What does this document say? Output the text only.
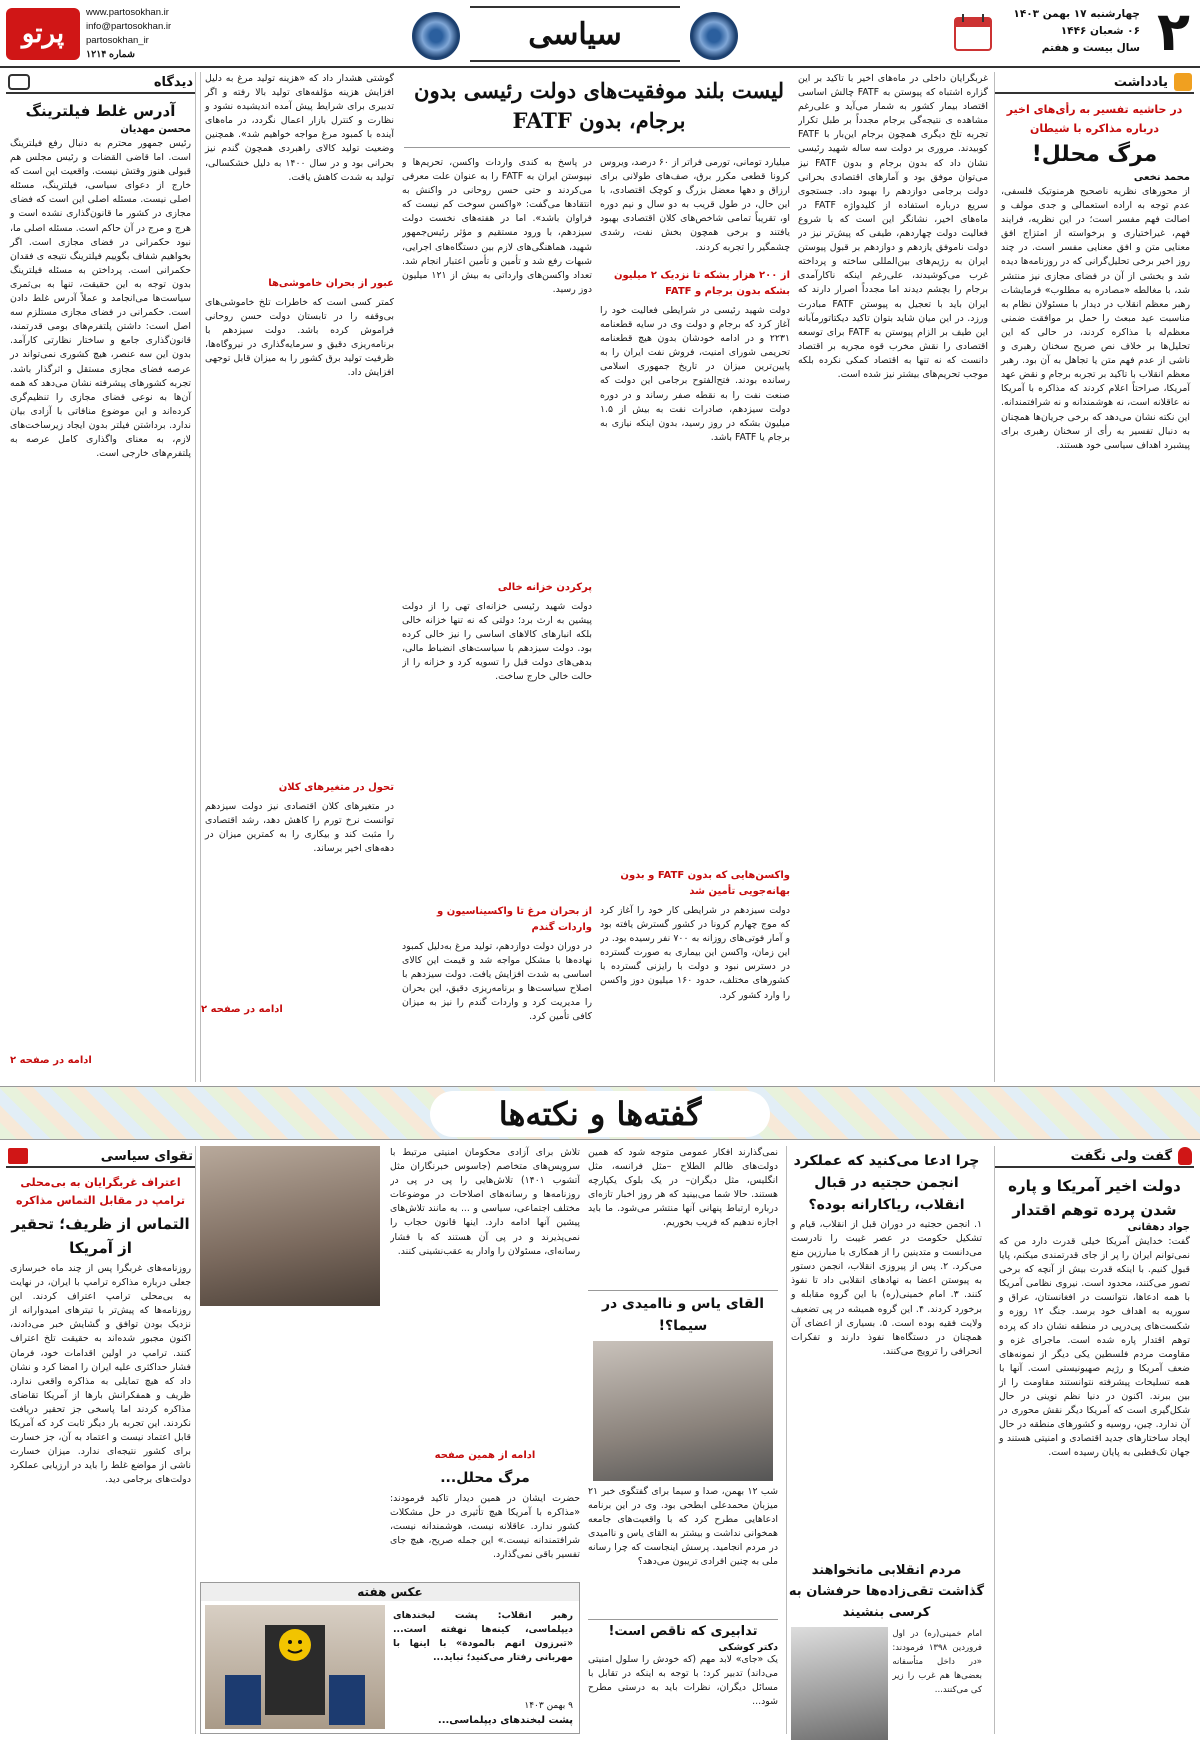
۲
چهارشنبه ۱۷ بهمن ۱۴۰۳
۰۶ شعبان ۱۴۴۶
سال بیست و هفتم
سیاسی
www.partosokhan.ir
info@partosokhan.ir
partosokhan_ir
شماره ۱۲۱۴
پرتو
یادداشت
در حاشیه تفسیر به رأی‌های اخیر درباره مذاکره با شیطان
مرگ محلل!
محمد نخعی
از محورهای نظریه ناصحیح هرمنوتیک فلسفی، عدم توجه به اراده استعمالی و جدی مولف و اصالت فهم مفسر است؛ در این نظریه، فرایند فهم، غیراختیاری و برخواسته از امتزاج افق معنایی متن و افق معنایی مفسر است. در چند روز اخیر برخی تحلیل‌گرانی که در روزنامه‌ها دیده شد و بخشی از آن در فضای مجازی نیز منتشر شد، با مغالطه «مصادره به مطلوب» فرمایشات رهبر معظم انقلاب در دیدار با مسئولان نظام به مناسبت عید مبعث را حمل بر موافقت ضمنی معظم‌له با مذاکره کردند، در حالی که این تحلیل‌ها بر خلاف نص صریح سخنان رهبری و ناشی از عدم فهم متن یا تجاهل به آن بود. رهبر معظم انقلاب با تاکید بر تجربه برجام و نقض عهد آمریکا، صراحتاً اعلام کردند که مذاکره با آمریکا نه عاقلانه است، نه هوشمندانه و نه شرافتمندانه. این نکته نشان می‌دهد که برخی جریان‌ها همچنان به دنبال تفسیر به رأی از سخنان رهبری برای پیشبرد اهداف سیاسی خود هستند.
غربگرایان داخلی در ماه‌های اخیر با تاکید بر این گزاره اشتباه که پیوستن به FATF چالش اساسی اقتصاد بیمار کشور به شمار می‌آید و علی‌رغم مشاهده ی نتیجه‌گی برجام مجدداً بر طبل تکرار تجربه تلخ دیگری همچون برجام این‌بار با FATF کوبیدند. مروری بر دولت سه ساله شهید رئیسی نشان داد که بدون برجام و بدون FATF نیز می‌توان موفق بود و آمارهای اقتصادی بحرانی دولت برجامی دوازدهم را بهبود داد. جستجوی سریع درباره استفاده از کلیدواژه FATF در ماه‌های اخیر، نشانگر این است که با شروع فعالیت دولت چهاردهم، طیفی که پیش‌تر نیز در دولت ناموفق یازدهم و دوازدهم بر قبول پیوستن ایران به رژیم‌های بین‌المللی ساخته و پرداخته غرب می‌کوشیدند، علی‌رغم اینکه ناکارآمدی برجام را بچشم دیدند اما مجدداً اصرار دارند که ایران باید با تعجیل به پیوستن FATF مبادرت ورزد. در این میان شاید بتوان تاکید دیکتاتورمآبانه این طیف بر الزام پیوستن به FATF برای توسعه اقتصادی را نقش مخرب قوه مجریه بر اقتصاد دانست که نه تنها به اقتصاد کمکی نکرده بلکه موجب تحریم‌های بیشتر نیز شده است.
لیست بلند موفقیت‌های دولت رئیسی بدون برجام، بدون FATF
میلیارد تومانی، تورمی فراتر از ۶۰ درصد، ویروس کرونا قطعی مکرر برق، صف‌های طولانی برای ارزاق و دهها معضل بزرگ و کوچک اقتصادی، با این حال، در طول قریب به دو سال و نیم دوره او، تقریباً تمامی شاخص‌های کلان اقتصادی بهبود یافتند و برخی همچون بخش نفت، رشدی چشمگیر را تجربه کردند.
از ۲۰۰ هزار بشکه تا نزدیک ۲ میلیون بشکه بدون برجام و FATF
دولت شهید رئیسی در شرایطی فعالیت خود را آغاز کرد که برجام و دولت وی در سایه قطعنامه ۲۲۳۱ و در ادامه خودشان بدون هیچ قطعنامه تحریمی شورای امنیت، فروش نفت ایران را به پایین‌ترین میزان در تاریخ جمهوری اسلامی رسانده بودند. فتح‌الفتوح برجامی این دولت که صنعت نفت را به نقطه صفر رساند و در دوره دولت سیزدهم، صادرات نفت به بیش از ۱.۵ میلیون بشکه در روز رسید، بدون اینکه نیازی به برجام یا FATF باشد.
واکسن‌هایی که بدون FATF و بدون بهانه‌جویی تأمین شد
دولت سیزدهم در شرایطی کار خود را آغاز کرد که موج چهارم کرونا در کشور گسترش یافته بود و آمار فوتی‌های روزانه به ۷۰۰ نفر رسیده بود. در این زمان، واکسن این بیماری به صورت گسترده در دسترس نبود و دولت با رایزنی گسترده با کشورهای مختلف، حدود ۱۶۰ میلیون دوز واکسن را وارد کشور کرد.
در پاسخ به کندی واردات واکسن، تحریم‌ها و نپیوستن ایران به FATF را به عنوان علت معرفی می‌کردند و حتی حسن روحانی در واکنش به انتقادها می‌گفت: «واکسن سوخت کم نیست که فراوان باشد». اما در هفته‌های نخست دولت سیزدهم، با ورود مستقیم و مؤثر رئیس‌جمهور شهید، هماهنگی‌های لازم بین دستگاه‌های اجرایی، شبهات رفع شد و تأمین و تأمین اعتبار انجام شد. تعداد واکسن‌های وارداتی به بیش از ۱۲۱ میلیون دوز رسید.
پرکردن خزانه خالی
دولت شهید رئیسی خزانه‌ای تهی را از دولت پیشین به ارث برد؛ دولتی که نه تنها خزانه خالی بلکه انبارهای کالاهای اساسی را نیز خالی کرده بود. دولت سیزدهم با سیاست‌های انضباط مالی، بدهی‌های دولت قبل را تسویه کرد و خزانه را از حالت خالی خارج ساخت.
از بحران مرغ تا واکسیناسیون و واردات گندم
در دوران دولت دوازدهم، تولید مرغ به‌دلیل کمبود نهاده‌ها با مشکل مواجه شد و قیمت این کالای اساسی به شدت افزایش یافت. دولت سیزدهم با اصلاح سیاست‌ها و برنامه‌ریزی دقیق، این بحران را مدیریت کرد و واردات گندم را نیز به میزان کافی تأمین کرد.
گوشتی هشدار داد که «هزینه تولید مرغ به دلیل افزایش هزینه مؤلفه‌های تولید بالا رفته و اگر تدبیری برای شرایط پیش آمده اندیشیده نشود و نظارت و کنترل بازار اعمال نگردد، در ماه‌های آینده با کمبود مرغ مواجه خواهیم شد». همچنین وضعیت تولید کالای راهبردی همچون گندم نیز بحرانی بود و در سال ۱۴۰۰ به دلیل خشکسالی، تولید به شدت کاهش یافت.
عبور از بحران خاموشی‌ها
کمتر کسی است که خاطرات تلخ خاموشی‌های بی‌وقفه را در تابستان دولت حسن روحانی فراموش کرده باشد. دولت سیزدهم با برنامه‌ریزی دقیق و سرمایه‌گذاری در نیروگاه‌ها، ظرفیت تولید برق کشور را به میزان قابل توجهی افزایش داد.
تحول در متغیرهای کلان
در متغیرهای کلان اقتصادی نیز دولت سیزدهم توانست نرخ تورم را کاهش دهد، رشد اقتصادی را مثبت کند و بیکاری را به کمترین میزان در دهه‌های اخیر برساند.
ادامه در صفحه ۲
دیدگاه
آدرس غلط فیلترینگ
محسن مهدیان
رئیس جمهور محترم به دنبال رفع فیلترینگ است. اما قاضی القضات و رئیس مجلس هم قبولی هنوز وقتش نیست. واقعیت این است که خارج از دعوای سیاسی، فیلترینگ، مسئله اصلی نیست. مسئله اصلی این است که فضای مجازی در کشور ما قانون‌گذاری نشده است و هرج و مرج در آن حاکم است. مسئله اصلی ما، نبود حکمرانی در فضای مجازی است. اگر بخواهیم شفاف بگوییم فیلترینگ نتیجه ی فقدان حکمرانی است. پرداختن به مسئله فیلترینگ بدون توجه به این حقیقت، تنها به بی‌ثمری سیاست‌ها می‌انجامد و عملاً آدرس غلط دادن است. حکمرانی در فضای مجازی مستلزم سه اصل است: داشتن پلتفرم‌های بومی قدرتمند، قانون‌گذاری جامع و ساختار نظارتی کارآمد. بدون این سه عنصر، هیچ کشوری نمی‌تواند در عرصه فضای مجازی مستقل و اثرگذار باشد. تجربه کشورهای پیشرفته نشان می‌دهد که همه آن‌ها به نوعی فضای مجازی را تنظیم‌گری کرده‌اند و این موضوع منافاتی با آزادی بیان ندارد. برداشتن فیلتر بدون ایجاد زیرساخت‌های لازم، به معنای واگذاری کامل عرصه به پلتفرم‌های خارجی است.
ادامه در صفحه ۲
گفته‌ها و نکته‌ها
گفت ولی نگفت
دولت اخیر آمریکا و پاره شدن پرده توهم اقتدار
جواد دهقانی
گفت: خدایش آمریکا خیلی قدرت دارد من که نمی‌توانم ایران را پر از جای قدرتمندی میکنم، پایا قبول کنیم. با اینکه قدرت بیش از آنچه که برخی تصور می‌کنند، محدود است. نیروی نظامی آمریکا با همه ادعاها، نتوانست در افغانستان، عراق و سوریه به اهداف خود برسد. جنگ ۱۲ روزه و شکست‌های پی‌درپی در منطقه نشان داد که پرده توهم اقتدار پاره شده است. ماجرای غزه و مقاومت مردم فلسطین یکی دیگر از نمونه‌های ضعف آمریکا و رژیم صهیونیستی است. آنها با همه تسلیحات پیشرفته نتوانستند مقاومت را از بین ببرند. اکنون در دنیا نظم نوینی در حال شکل‌گیری است که آمریکا دیگر نقش محوری در آن ندارد. چین، روسیه و کشورهای منطقه در حال ایجاد ساختارهای جدید اقتصادی و امنیتی هستند و جهان تک‌قطبی به پایان رسیده است.
چرا ادعا می‌کنید که عملکرد انجمن حجتیه در قبال انقلاب، ریاکارانه بوده؟
۱. انجمن حجتیه در دوران قبل از انقلاب، قیام و تشکیل حکومت در عصر غیبت را نادرست می‌دانست و متدینین را از همکاری با مبارزین منع می‌کرد. ۲. پس از پیروزی انقلاب، انجمن دستور به پیوستن اعضا به نهادهای انقلابی داد تا نفوذ کنند. ۳. امام خمینی(ره) با این گروه مقابله و برخورد کردند. ۴. این گروه همیشه در پی تضعیف ولایت فقیه بوده است. ۵. بسیاری از اعضای آن همچنان در دستگاه‌ها نفوذ دارند و تفکرات انحرافی را ترویج می‌کنند.
مردم انقلابی مانخواهند گذاشت تقی‌زاده‌ها حرفشان به کرسی بنشیند
امام خمینی(ره) در اول فروردین ۱۳۹۸ فرمودند: «در داخل متأسفانه بعضی‌ها هم غرب را زیر کی می‌کنند...
نمی‌گذارند افکار عمومی متوجه شود که همین دولت‌های ظالم الطلاح –مثل فرانسه، مثل انگلیس، مثل دیگران– در یک بلوک یکپارچه هستند. حالا شما می‌بینید که هر روز اخبار تازه‌ای درباره ارتباط پنهانی آنها منتشر می‌شود. ما باید اجازه ندهیم که فریب بخوریم.
القای یاس و ناامیدی در سیما؟!
شب ۱۲ بهمن، صدا و سیما برای گفتگوی خبر ۲۱ میزبان محمدعلی ابطحی بود. وی در این برنامه ادعاهایی مطرح کرد که با واقعیت‌های جامعه همخوانی نداشت و بیشتر به القای یاس و ناامیدی در مردم انجامید. پرسش اینجاست که چرا رسانه ملی به چنین افرادی تریبون می‌دهد؟
تدابیری که ناقص است!
دکتر کوشکی
یک «جای» لابد مهم (که خودش را سلول امنیتی می‌داند) تدبیر کرد: با توجه به اینکه در تقابل با مسائل دیگران، نظرات باید به درستی مطرح شود...
تلاش برای آزادی محکومان امنیتی مرتبط با سرویس‌های متخاصم (جاسوس خبرنگاران مثل آتشوب ۱۴۰۱) تلاش‌هایی را پی در پی در روزنامه‌ها و رسانه‌های اصلاحات در موضوعات مختلف اجتماعی، سیاسی و ... به مانند تلاش‌های پیشین آنها ادامه دارد. اینها قانون حجاب را نمی‌پذیرند و در پی آن هستند که با فشار رسانه‌ای، مسئولان را وادار به عقب‌نشینی کنند.
ادامه از همین صفحه
مرگ محلل...
حضرت ایشان در همین دیدار تاکید فرمودند: «مذاکره با آمریکا هیچ تأثیری در حل مشکلات کشور ندارد. عاقلانه نیست، هوشمندانه نیست، شرافتمندانه نیست.» این جمله صریح، هیچ جای تفسیر باقی نمی‌گذارد.
عکس هفته
رهبر انقلاب: پشت لبخندهای دیپلماسی، کینه‌ها نهفته است... «تبرزون انهم بالمودة» با اینها با مهربانی رفتار می‌کنید؛ نباید...
۹ بهمن ۱۴۰۳
پشت لبخندهای دیپلماسی...
تقوای سیاسی
اعتراف غربگرایان به بی‌محلی ترامپ در مقابل التماس مذاکره
التماس از ظریف؛ تحقیر از آمریکا
روزنامه‌های غربگرا پس از چند ماه خبرسازی جعلی درباره مذاکره ترامپ با ایران، در نهایت به بی‌محلی ترامپ اعتراف کردند. این روزنامه‌ها که پیش‌تر با تیترهای امیدوارانه از نزدیک بودن توافق و گشایش خبر می‌دادند، اکنون مجبور شده‌اند به حقیقت تلخ اعتراف کنند. ترامپ در اولین اقدامات خود، فرمان فشار حداکثری علیه ایران را امضا کرد و نشان داد که هیچ تمایلی به مذاکره واقعی ندارد. ظریف و همفکرانش بارها از آمریکا تقاضای مذاکره کردند اما پاسخی جز تحقیر دریافت نکردند. این تجربه بار دیگر ثابت کرد که آمریکا قابل اعتماد نیست و اعتماد به آن، جز خسارت برای کشور نتیجه‌ای ندارد. میزان خسارت ناشی از مواضع غلط را باید در ارزیابی عملکرد دولت‌های برجامی دید.
